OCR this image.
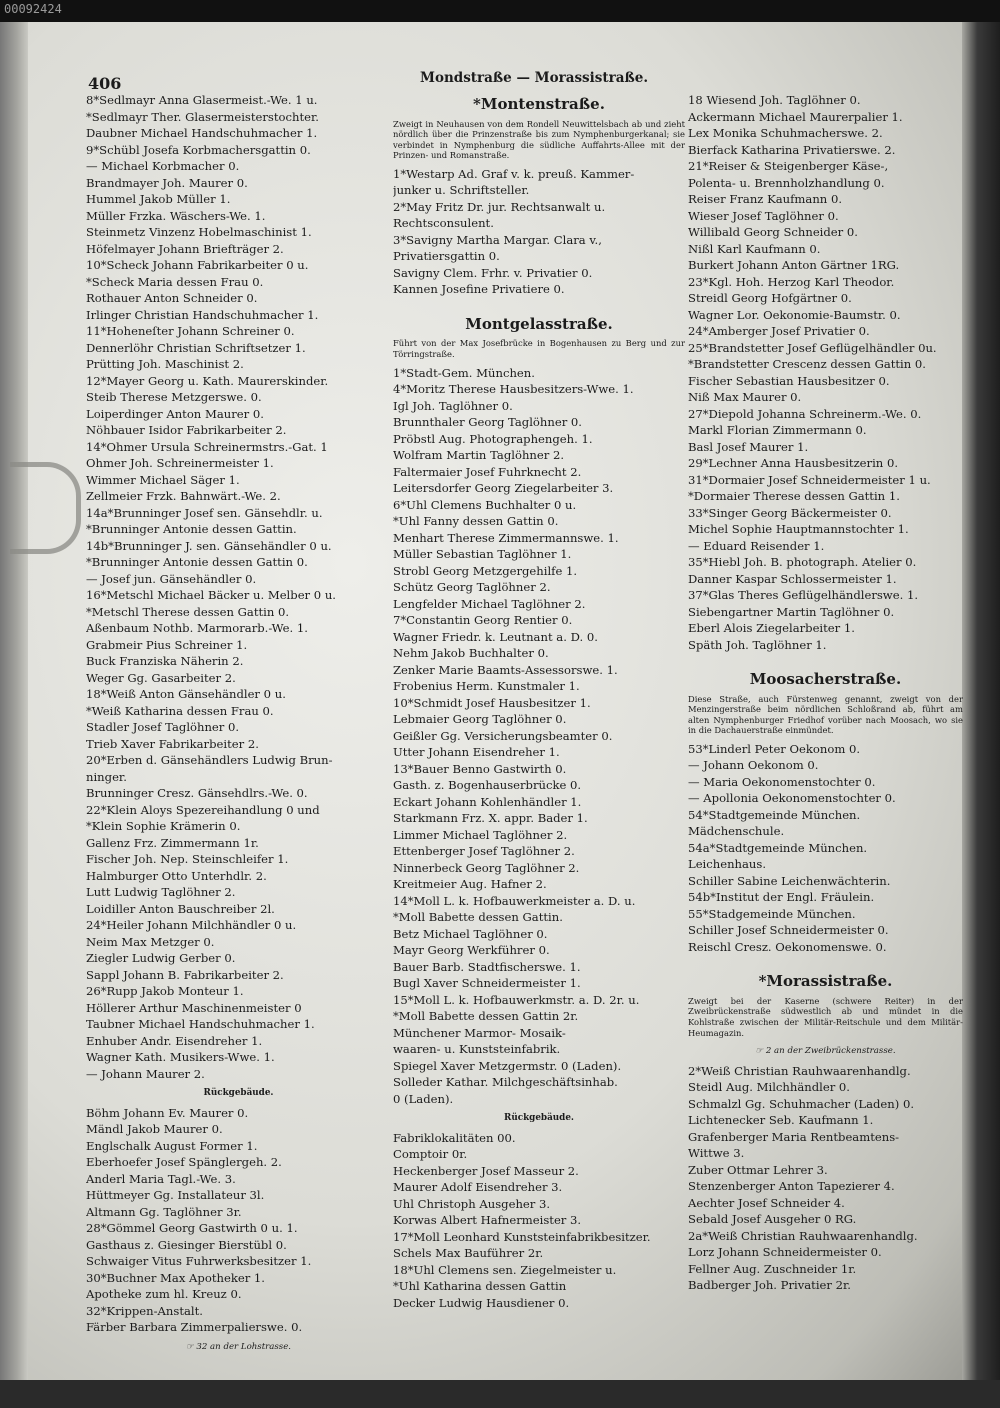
00092424
406	Mondstraße — Morassistraße.
8*Sedlmayr Anna Glasermeist.-We. 1 u.
*Sedlmayr Ther. Glasermeisterstochter.
Daubner Michael Handschuhmacher 1.
9*Schübl Josefa Korbmachersgattin 0.
— Michael Korbmacher 0.
Brandmayer Joh. Maurer 0.
Hummel Jakob Müller 1.
Müller Frzka. Wäschers-We. 1.
Steinmetz Vinzenz Hobelmaschinist 1.
Höfelmayer Johann Briefträger 2.
10*Scheck Johann Fabrikarbeiter 0 u.
*Scheck Maria dessen Frau 0.
Rothauer Anton Schneider 0.
Irlinger Christian Handschuhmacher 1.
11*Hoheneſter Johann Schreiner 0.
Dennerlöhr Christian Schriftsetzer 1.
Prütting Joh. Maschinist 2.
12*Mayer Georg u. Kath. Maurerskinder.
Steib Therese Metzgerswe. 0.
Loiperdinger Anton Maurer 0.
Nöhbauer Isidor Fabrikarbeiter 2.
14*Ohmer Ursula Schreinermstrs.-Gat. 1
Ohmer Joh. Schreinermeister 1.
Wimmer Michael Säger 1.
Zellmeier Frzk. Bahnwärt.-We. 2.
14a*Brunninger Josef sen. Gänsehdlr. u.
*Brunninger Antonie dessen Gattin.
14b*Brunninger J. sen. Gänsehändler 0 u.
*Brunninger Antonie dessen Gattin 0.
— Josef jun. Gänsehändler 0.
16*Metschl Michael Bäcker u. Melber 0 u.
*Metschl Therese dessen Gattin 0.
Aßenbaum Nothb. Marmorarb.-We. 1.
Grabmeir Pius Schreiner 1.
Buck Franziska Näherin 2.
Weger Gg. Gasarbeiter 2.
18*Weiß Anton Gänsehändler 0 u.
*Weiß Katharina dessen Frau 0.
Stadler Josef Taglöhner 0.
Trieb Xaver Fabrikarbeiter 2.
20*Erben d. Gänsehändlers Ludwig Brun-
ninger.
Brunninger Cresz. Gänsehdlrs.-We. 0.
22*Klein Aloys Spezereihandlung 0 und
*Klein Sophie Krämerin 0.
Gallenz Frz. Zimmermann 1r.
Fischer Joh. Nep. Steinschleifer 1.
Halmburger Otto Unterhdlr. 2.
Lutt Ludwig Taglöhner 2.
Loidiller Anton Bauschreiber 2l.
24*Heiler Johann Milchhändler 0 u.
Neim Max Metzger 0.
Ziegler Ludwig Gerber 0.
Sappl Johann B. Fabrikarbeiter 2.
26*Rupp Jakob Monteur 1.
Höllerer Arthur Maschinenmeister 0
Taubner Michael Handschuhmacher 1.
Enhuber Andr. Eisendreher 1.
Wagner Kath. Musikers-Wwe. 1.
— Johann Maurer 2.
Rückgebäude.
Böhm Johann Ev. Maurer 0.
Mändl Jakob Maurer 0.
Englschalk August Former 1.
Eberhoefer Josef Spänglergeh. 2.
Anderl Maria Tagl.-We. 3.
Hüttmeyer Gg. Installateur 3l.
Altmann Gg. Taglöhner 3r.
28*Gömmel Georg Gastwirth 0 u. 1.
Gasthaus z. Giesinger Bierstübl 0.
Schwaiger Vitus Fuhrwerksbesitzer 1.
30*Buchner Max Apotheker 1.
Apotheke zum hl. Kreuz 0.
32*Krippen-Anstalt.
Färber Barbara Zimmerpalierswe. 0.
☞ 32 an der Lohstrasse.
*Montenstraße.
Zweigt in Neuhausen von dem Rondell Neuwittelsbach ab und zieht nördlich über die Prinzenstraße bis zum Nymphenburgerkanal; sie verbindet in Nymphenburg die südliche Auffahrts-Allee mit der Prinzen- und Romanstraße.
1*Westarp Ad. Graf v. k. preuß. Kammer-
junker u. Schriftsteller.
2*May Fritz Dr. jur. Rechtsanwalt u.
Rechtsconsulent.
3*Savigny Martha Margar. Clara v.,
Privatiersgattin 0.
Savigny Clem. Frhr. v. Privatier 0.
Kannen Josefine Privatiere 0.
Montgelasstraße.
Führt von der Max Josefbrücke in Bogenhausen zu Berg und zur Törringstraße.
1*Stadt-Gem. München.
4*Moritz Therese Hausbesitzers-Wwe. 1.
Igl Joh. Taglöhner 0.
Brunnthaler Georg Taglöhner 0.
Pröbstl Aug. Photographengeh. 1.
Wolfram Martin Taglöhner 2.
Faltermaier Josef Fuhrknecht 2.
Leitersdorfer Georg Ziegelarbeiter 3.
6*Uhl Clemens Buchhalter 0 u.
*Uhl Fanny dessen Gattin 0.
Menhart Therese Zimmermannswe. 1.
Müller Sebastian Taglöhner 1.
Strobl Georg Metzgergehilfe 1.
Schütz Georg Taglöhner 2.
Lengfelder Michael Taglöhner 2.
7*Constantin Georg Rentier 0.
Wagner Friedr. k. Leutnant a. D. 0.
Nehm Jakob Buchhalter 0.
Zenker Marie Baamts-Assessorswe. 1.
Frobenius Herm. Kunstmaler 1.
10*Schmidt Josef Hausbesitzer 1.
Lebmaier Georg Taglöhner 0.
Geißler Gg. Versicherungsbeamter 0.
Utter Johann Eisendreher 1.
13*Bauer Benno Gastwirth 0.
Gasth. z. Bogenhauserbrücke 0.
Eckart Johann Kohlenhändler 1.
Starkmann Frz. X. appr. Bader 1.
Limmer Michael Taglöhner 2.
Ettenberger Josef Taglöhner 2.
Ninnerbeck Georg Taglöhner 2.
Kreitmeier Aug. Hafner 2.
14*Moll L. k. Hofbauwerkmeister a. D. u.
*Moll Babette dessen Gattin.
Betz Michael Taglöhner 0.
Mayr Georg Werkführer 0.
Bauer Barb. Stadtfischerswe. 1.
Bugl Xaver Schneidermeister 1.
15*Moll L. k. Hofbauwerkmstr. a. D. 2r. u.
*Moll Babette dessen Gattin 2r.
Münchener Marmor- Mosaik-
waaren- u. Kunststeinfabrik.
Spiegel Xaver Metzgermstr. 0 (Laden).
Solleder Kathar. Milchgeschäftsinhab.
0 (Laden).
Rückgebäude.
Fabriklokalitäten 00.
Comptoir 0r.
Heckenberger Josef Masseur 2.
Maurer Adolf Eisendreher 3.
Uhl Christoph Ausgeher 3.
Korwas Albert Hafnermeister 3.
17*Moll Leonhard Kunststeinfabrikbesitzer.
Schels Max Bauführer 2r.
18*Uhl Clemens sen. Ziegelmeister u.
*Uhl Katharina dessen Gattin
Decker Ludwig Hausdiener 0.
18 Wiesend Joh. Taglöhner 0.
Ackermann Michael Maurerpalier 1.
Lex Monika Schuhmacherswe. 2.
Bierfack Katharina Privatierswe. 2.
21*Reiser & Steigenberger Käse-,
Polenta- u. Brennholzhandlung 0.
Reiser Franz Kaufmann 0.
Wieser Josef Taglöhner 0.
Willibald Georg Schneider 0.
Nißl Karl Kaufmann 0.
Burkert Johann Anton Gärtner 1RG.
23*Kgl. Hoh. Herzog Karl Theodor.
Streidl Georg Hofgärtner 0.
Wagner Lor. Oekonomie-Baumstr. 0.
24*Amberger Josef Privatier 0.
25*Brandstetter Josef Geflügelhändler 0u.
*Brandstetter Crescenz dessen Gattin 0.
Fischer Sebastian Hausbesitzer 0.
Niß Max Maurer 0.
27*Diepold Johanna Schreinerm.-We. 0.
Markl Florian Zimmermann 0.
Basl Josef Maurer 1.
29*Lechner Anna Hausbesitzerin 0.
31*Dormaier Josef Schneidermeister 1 u.
*Dormaier Therese dessen Gattin 1.
33*Singer Georg Bäckermeister 0.
Michel Sophie Hauptmannstochter 1.
— Eduard Reisender 1.
35*Hiebl Joh. B. photograph. Atelier 0.
Danner Kaspar Schlossermeister 1.
37*Glas Theres Geflügelhändlerswe. 1.
Siebengartner Martin Taglöhner 0.
Eberl Alois Ziegelarbeiter 1.
Späth Joh. Taglöhner 1.
Moosacherstraße.
Diese Straße, auch Fürstenweg genannt, zweigt von der Menzingerstraße beim nördlichen Schloßrand ab, führt am alten Nymphenburger Friedhof vorüber nach Moosach, wo sie in die Dachauerstraße einmündet.
53*Linderl Peter Oekonom 0.
— Johann Oekonom 0.
— Maria Oekonomenstochter 0.
— Apollonia Oekonomenstochter 0.
54*Stadtgemeinde München.
Mädchenschule.
54a*Stadtgemeinde München.
Leichenhaus.
Schiller Sabine Leichenwächterin.
54b*Institut der Engl. Fräulein.
55*Stadgemeinde München.
Schiller Josef Schneidermeister 0.
Reischl Cresz. Oekonomenswe. 0.
*Morassistraße.
Zweigt bei der Kaserne (schwere Reiter) in der Zweibrückenstraße südwestlich ab und mündet in die Kohlstraße zwischen der Militär-Reitschule und dem Militär-Heumagazin.
☞ 2 an der Zweibrückenstrasse.
2*Weiß Christian Rauhwaarenhandlg.
Steidl Aug. Milchhändler 0.
Schmalzl Gg. Schuhmacher (Laden) 0.
Lichtenecker Seb. Kaufmann 1.
Grafenberger Maria Rentbeamtens-
Wittwe 3.
Zuber Ottmar Lehrer 3.
Stenzenberger Anton Tapezierer 4.
Aechter Josef Schneider 4.
Sebald Josef Ausgeher 0 RG.
2a*Weiß Christian Rauhwaarenhandlg.
Lorz Johann Schneidermeister 0.
Fellner Aug. Zuschneider 1r.
Badberger Joh. Privatier 2r.
